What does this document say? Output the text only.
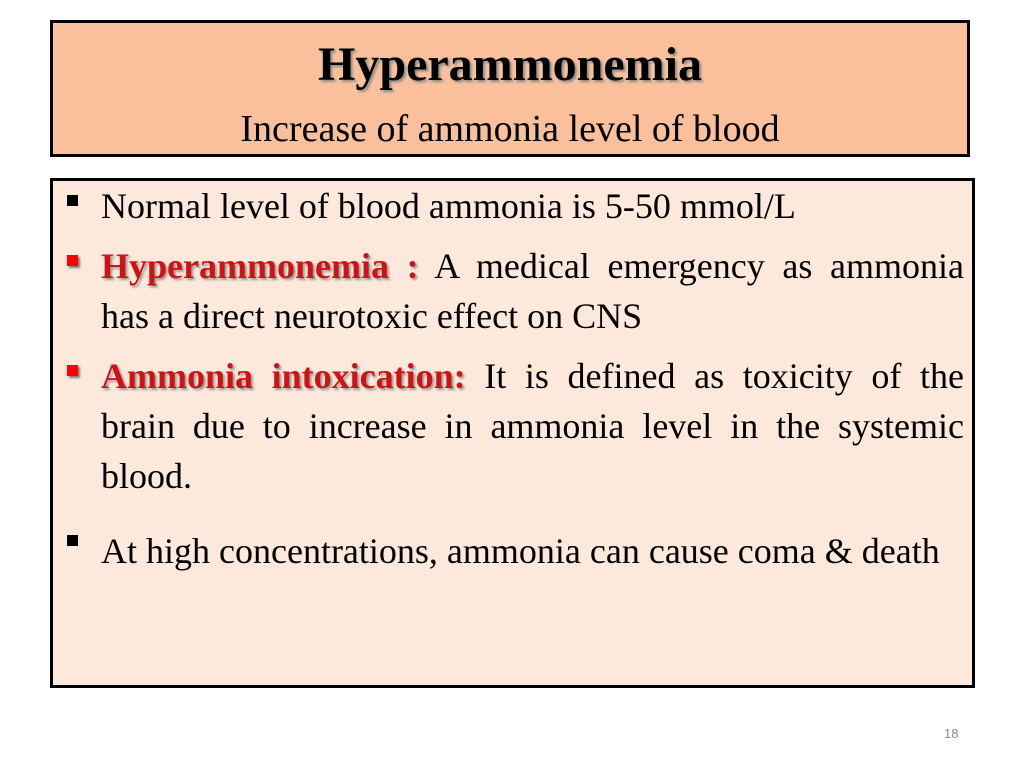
Hyperammonemia

Increase of ammonia level of blood

Normal level of blood ammonia is 5-50 mmol/L
Hyperammonemia : A medical emergency as ammonia has a direct neurotoxic effect on CNS
Ammonia intoxication: It is defined as toxicity of the brain due to increase in ammonia level in the systemic blood.
At high concentrations, ammonia can cause coma & death
18
